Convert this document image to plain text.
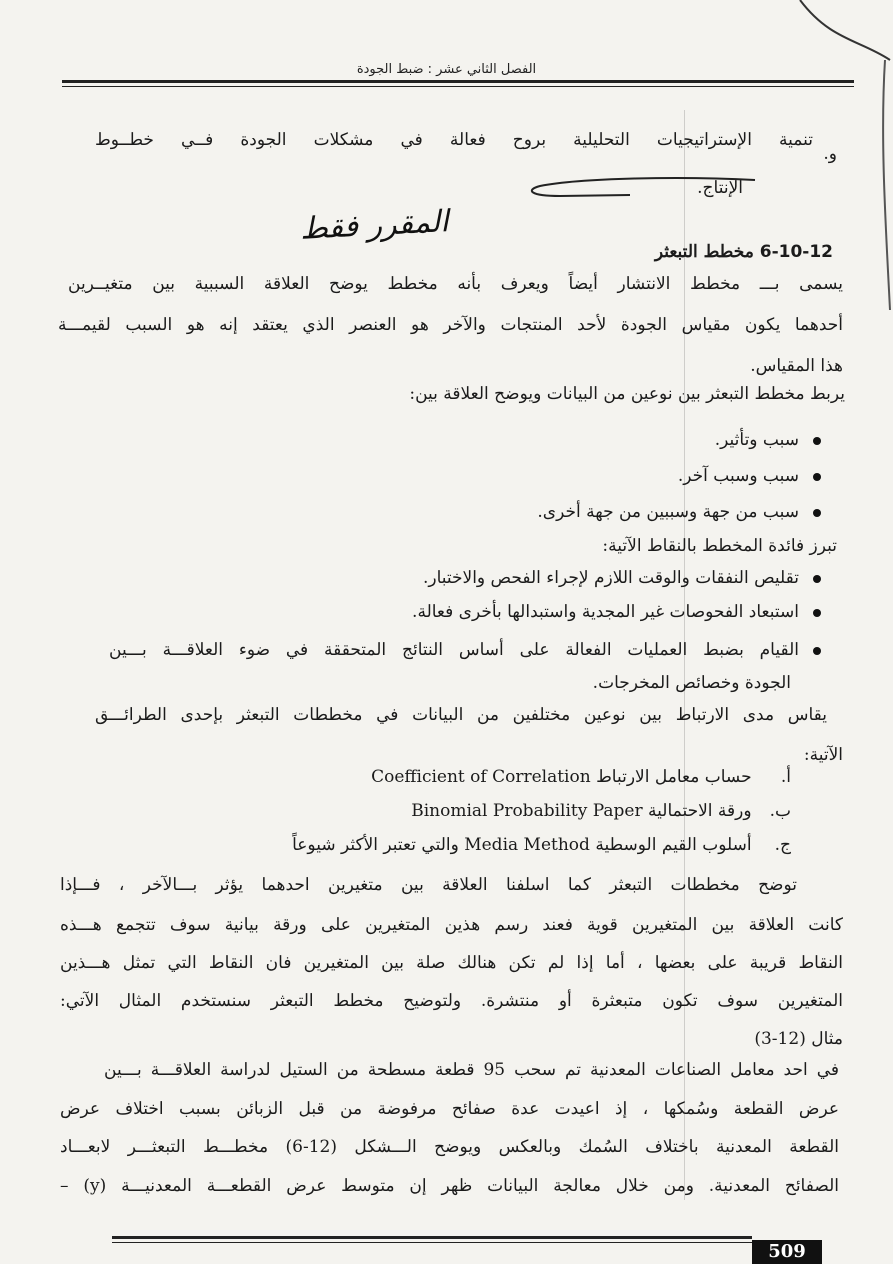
الفصل الثاني عشر : ضبط الجودة
و.
تنمية الإستراتيجيات التحليلية بروح فعالة في مشكلات الجودة فــي خطــوط
الإنتاج.
المقرر فقط
6-10-12 مخطط التبعثر
يسمى بـــ مخطط الانتشار أيضاً ويعرف بأنه مخطط يوضح العلاقة السببية بين متغيــرين
أحدهما يكون مقياس الجودة لأحد المنتجات والآخر هو العنصر الذي يعتقد إنه هو السبب لقيمـــة
هذا المقياس.
يربط مخطط التبعثر بين نوعين من البيانات ويوضح العلاقة بين:
سبب وتأثير.
سبب وسبب آخر.
سبب من جهة وسببين من جهة أخرى.
تبرز فائدة المخطط بالنقاط الآتية:
تقليص النفقات والوقت اللازم لإجراء الفحص والاختبار.
استبعاد الفحوصات غير المجدية واستبدالها بأخرى فعالة.
القيام بضبط العمليات الفعالة على أساس النتائج المتحققة في ضوء العلاقـــة بـــين
الجودة وخصائص المخرجات.
يقاس مدى الارتباط بين نوعين مختلفين من البيانات في مخططات التبعثر بإحدى الطرائـــق
الآتية:
أ. حساب معامل الارتباط Coefficient of Correlation
ب. ورقة الاحتمالية Binomial Probability Paper
ج. أسلوب القيم الوسطية Media Method والتي تعتبر الأكثر شيوعاً
توضح مخططات التبعثر كما اسلفنا العلاقة بين متغيرين احدهما يؤثر بـــالآخر ، فـــإذا
كانت العلاقة بين المتغيرين قوية فعند رسم هذين المتغيرين على ورقة بيانية سوف تتجمع هـــذه
النقاط قريبة على بعضها ، أما إذا لم تكن هنالك صلة بين المتغيرين فان النقاط التي تمثل هـــذين
المتغيرين سوف تكون متبعثرة أو منتشرة. ولتوضيح مخطط التبعثر سنستخدم المثال الآتي:
مثال (12-3)
في احد معامل الصناعات المعدنية تم سحب 95 قطعة مسطحة من الستيل لدراسة العلاقـــة بـــين
عرض القطعة وسُمكها ، إذ اعيدت عدة صفائح مرفوضة من قبل الزبائن بسبب اختلاف عرض
القطعة المعدنية باختلاف السُمك وبالعكس ويوضح الـــشكل (12-6) مخطـــط التبعثـــر لابعـــاد
الصفائح المعدنية. ومن خلال معالجة البيانات ظهر إن متوسط عرض القطعـــة المعدنيـــة (y) –
509
